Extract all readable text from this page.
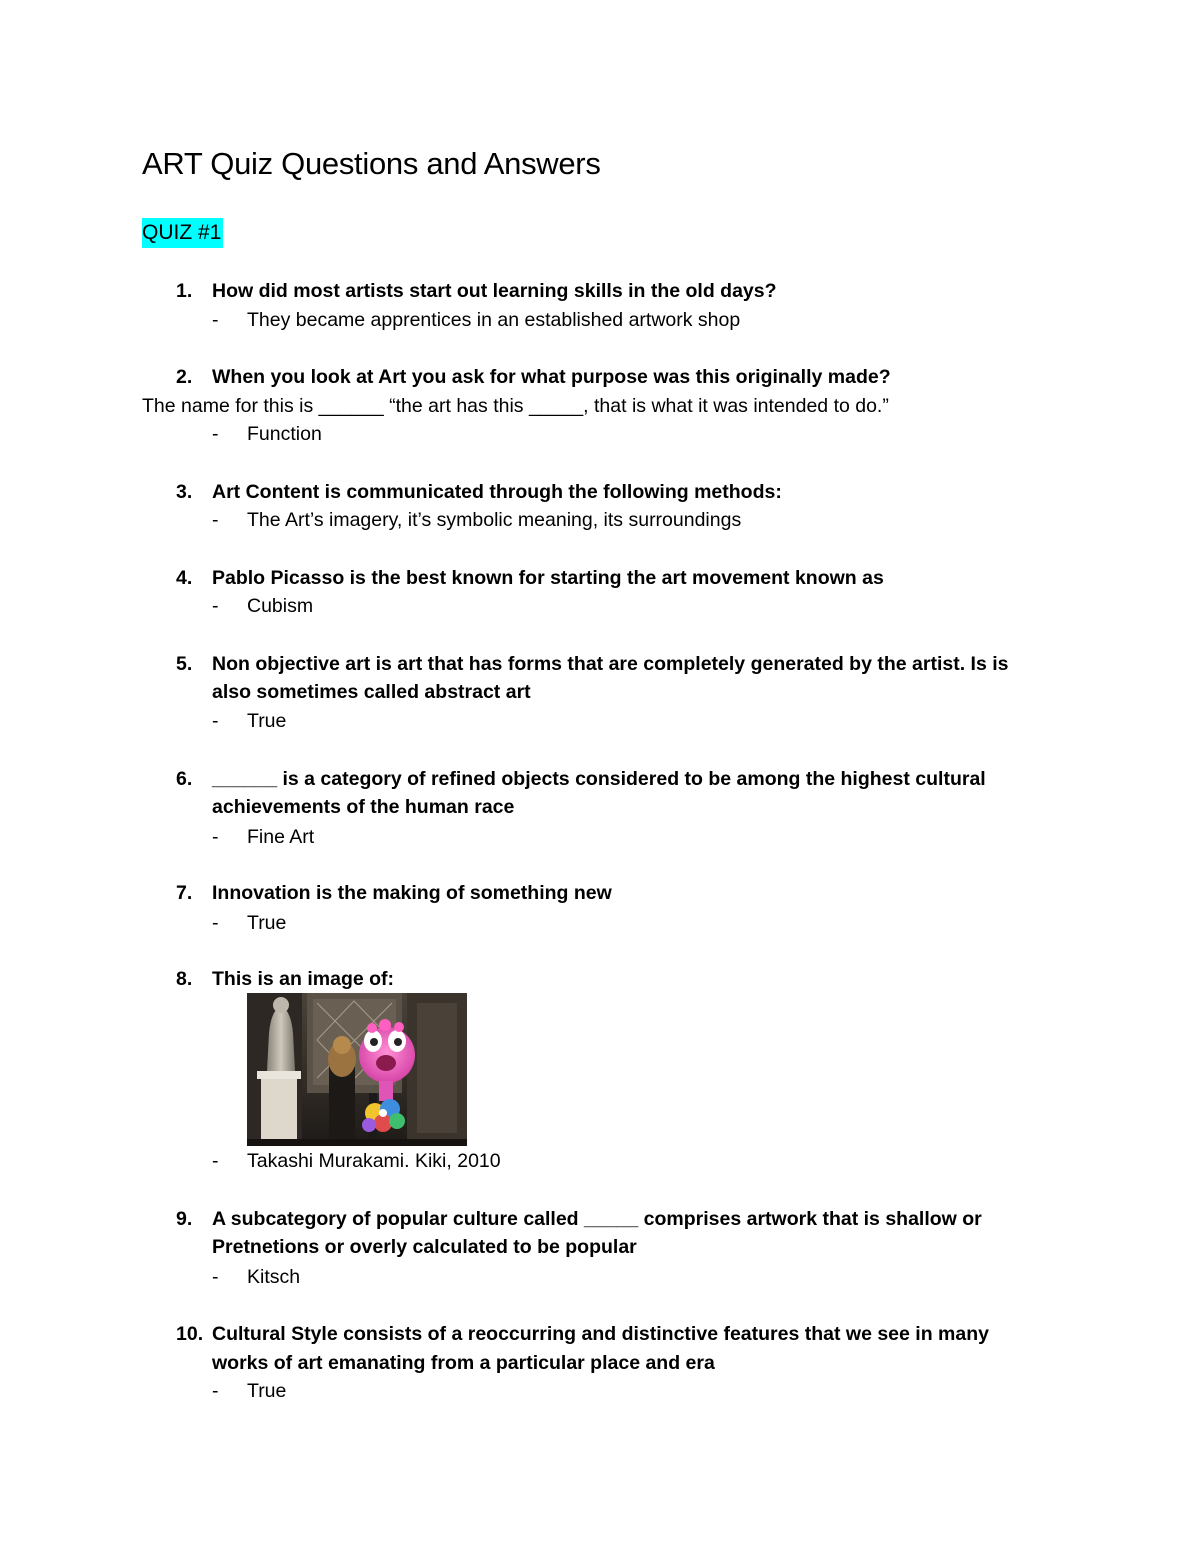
ART Quiz Questions and Answers
QUIZ #1
1. How did most artists start out learning skills in the old days?
- They became apprentices in an established artwork shop
2. When you look at Art you ask for what purpose was this originally made?
The name for this is ______ “the art has this _____, that is what it was intended to do.”
- Function
3. Art Content is communicated through the following methods:
- The Art’s imagery, it’s symbolic meaning, its surroundings
4. Pablo Picasso is the best known for starting the art movement known as
- Cubism
5. Non objective art is art that has forms that are completely generated by the artist. Is is
also sometimes called abstract art
- True
6. ______ is a category of refined objects considered to be among the highest cultural
achievements of the human race
- Fine Art
7. Innovation is the making of something new
- True
8. This is an image of:
- Takashi Murakami. Kiki, 2010
9. A subcategory of popular culture called _____ comprises artwork that is shallow or
Pretnetions or overly calculated to be popular
- Kitsch
10. Cultural Style consists of a reoccurring and distinctive features that we see in many
works of art emanating from a particular place and era
- True
